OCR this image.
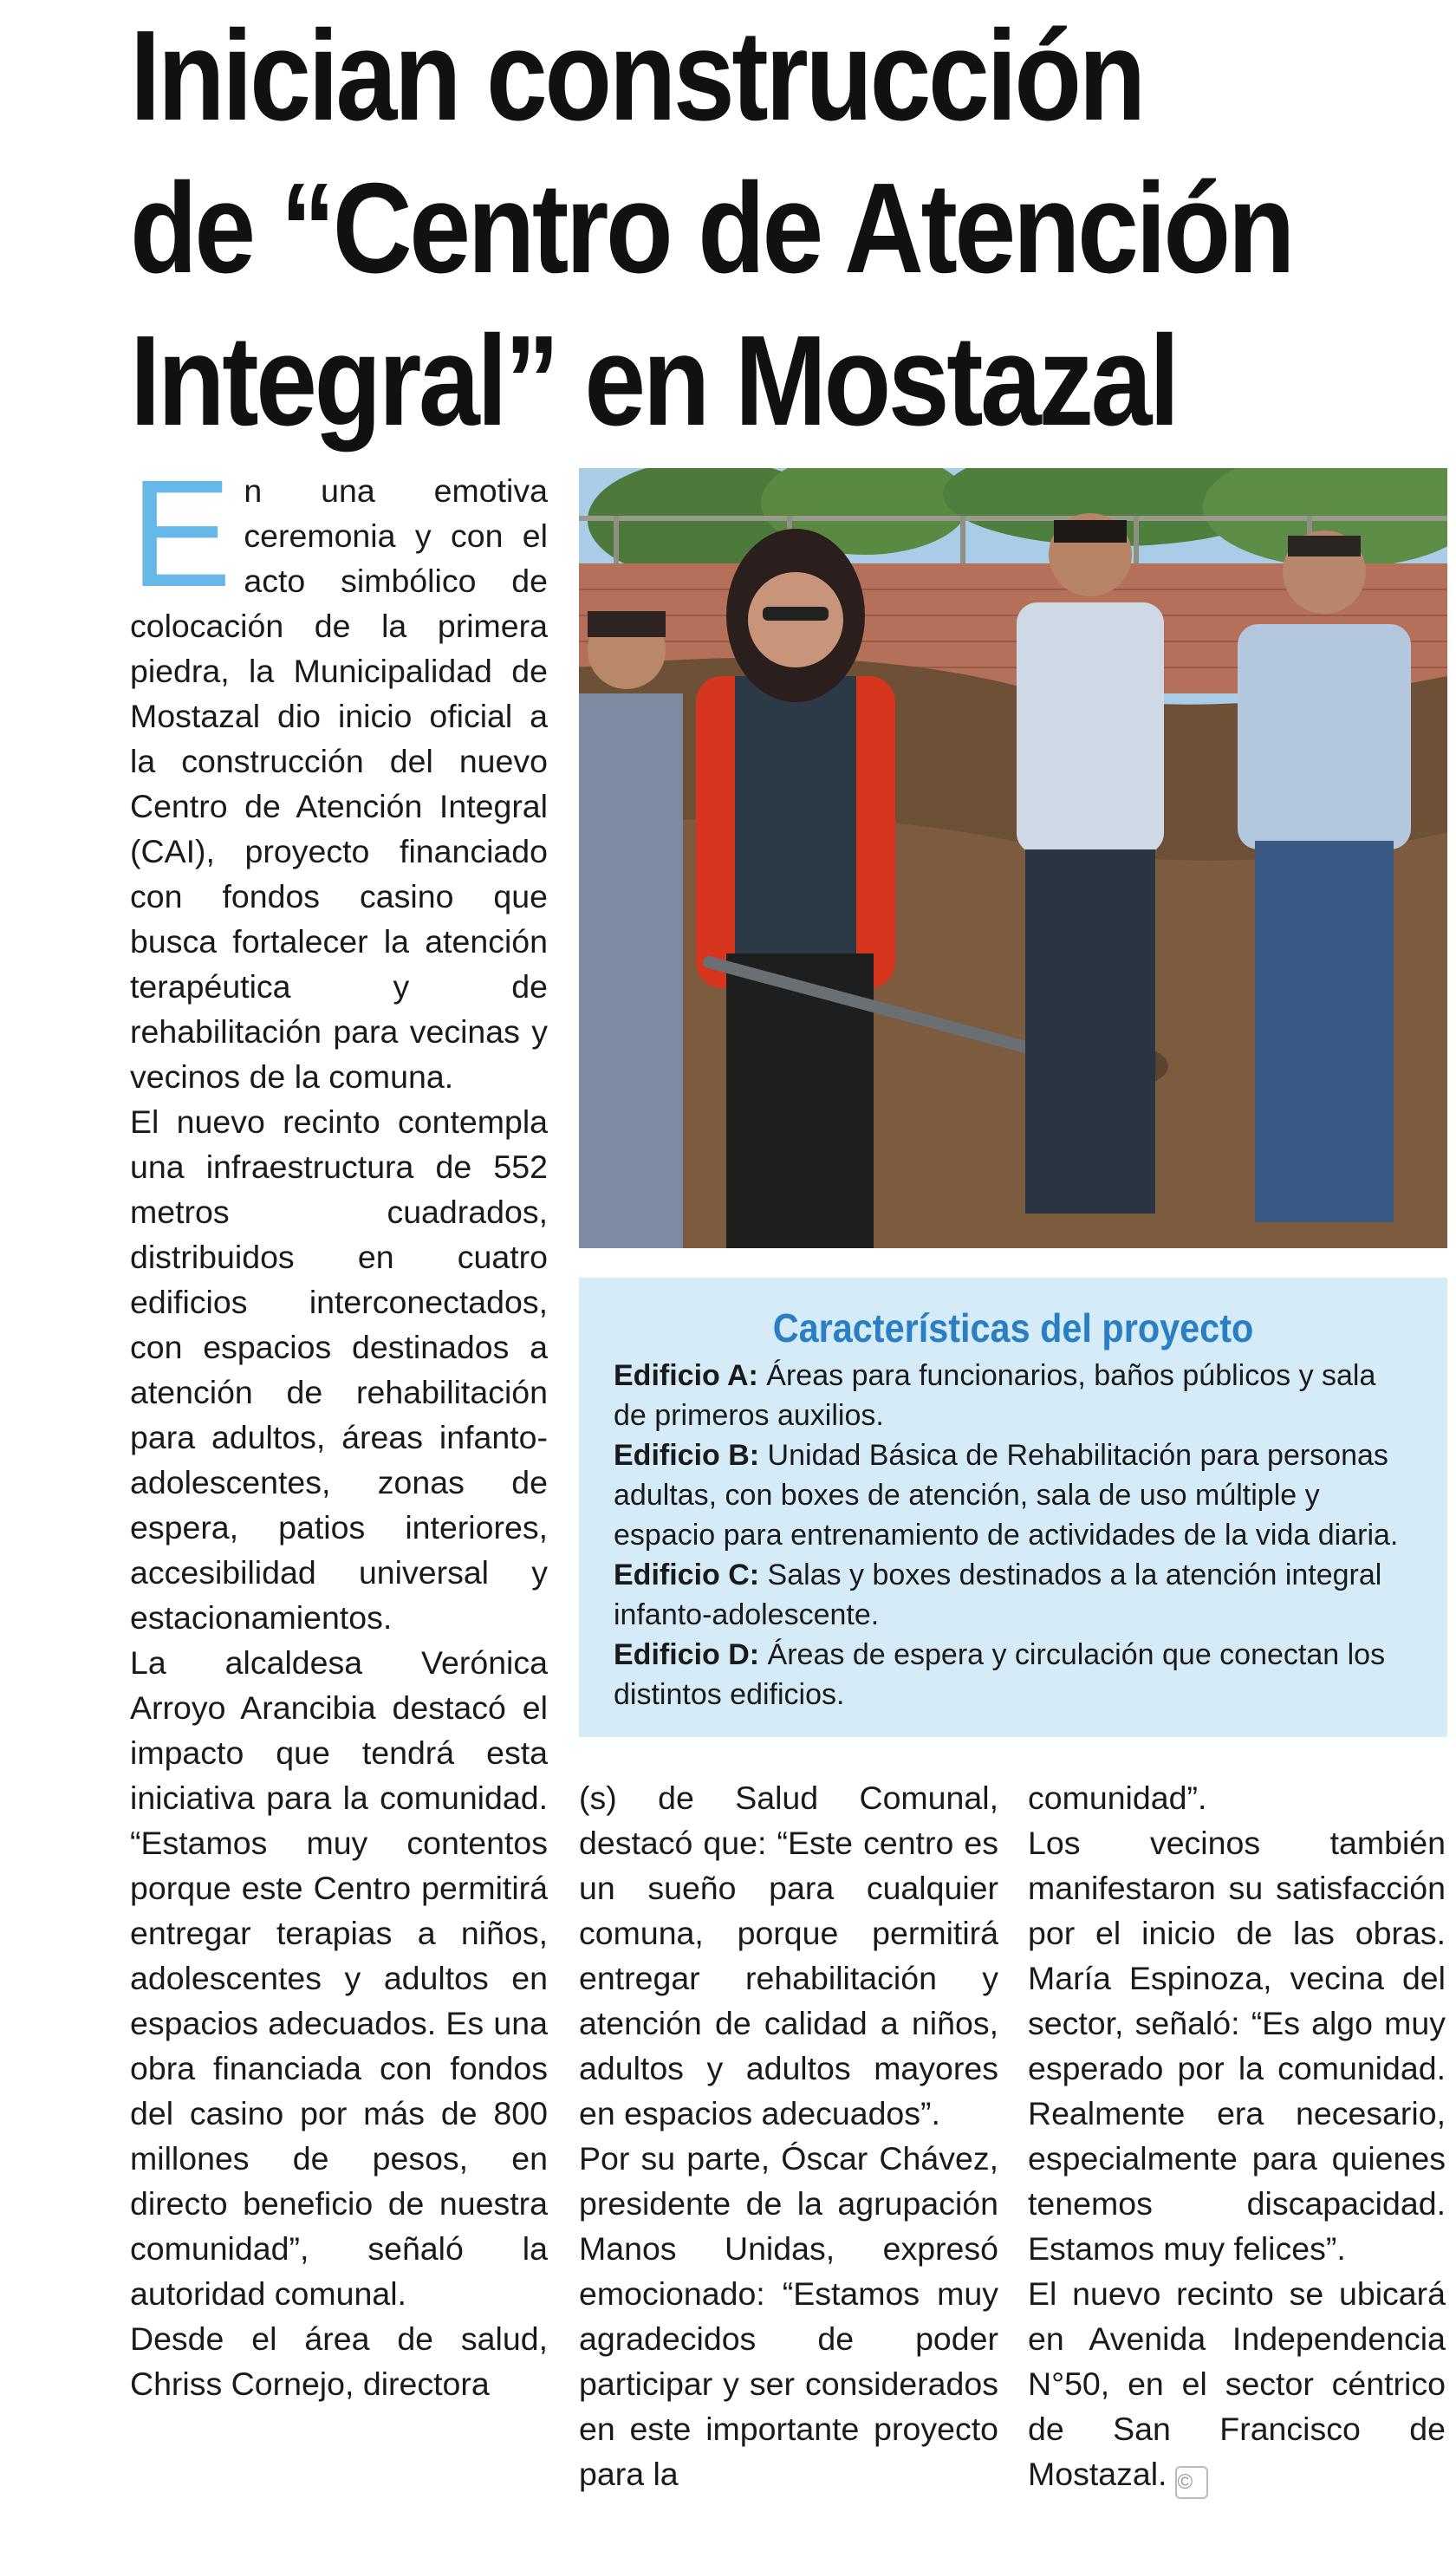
Inician construcción
de “Centro de Atención
Integral” en Mostazal
E n una emotiva ceremonia y con el acto simbólico de colocación de la primera piedra, la Municipalidad de Mostazal dio inicio oficial a la construcción del nuevo Centro de Atención Integral (CAI), proyecto financiado con fondos casino que busca fortalecer la atención terapéutica y de rehabilitación para vecinas y vecinos de la comuna.

El nuevo recinto contempla una infraestructura de 552 metros cuadrados, distribuidos en cuatro edificios interconectados, con espacios destinados a atención de rehabilitación para adultos, áreas infanto-adolescentes, zonas de espera, patios interiores, accesibilidad universal y estacionamientos.

La alcaldesa Verónica Arroyo Arancibia destacó el impacto que tendrá esta iniciativa para la comunidad. “Estamos muy contentos porque este Centro permitirá entregar terapias a niños, adolescentes y adultos en espacios adecuados. Es una obra financiada con fondos del casino por más de 800 millones de pesos, en directo beneficio de nuestra comunidad”, señaló la autoridad comunal.

Desde el área de salud, Chriss Cornejo, directora

Características del proyecto

Edificio A: Áreas para funcionarios, baños públicos y sala de primeros auxilios.

Edificio B: Unidad Básica de Rehabilitación para personas adultas, con boxes de atención, sala de uso múltiple y espacio para entrenamiento de actividades de la vida diaria.

Edificio C: Salas y boxes destinados a la atención integral infanto-adolescente.

Edificio D: Áreas de espera y circulación que conectan los distintos edificios.

(s) de Salud Comunal, destacó que: “Este centro es un sueño para cualquier comuna, porque permitirá entregar rehabilitación y atención de calidad a niños, adultos y adultos mayores en espacios adecuados”.

Por su parte, Óscar Chávez, presidente de la agrupación Manos Unidas, expresó emocionado: “Estamos muy agradecidos de poder participar y ser considerados en este importante proyecto para la

comunidad”.

Los vecinos también manifestaron su satisfacción por el inicio de las obras. María Espinoza, vecina del sector, señaló: “Es algo muy esperado por la comunidad. Realmente era necesario, especialmente para quienes tenemos discapacidad. Estamos muy felices”.

El nuevo recinto se ubicará en Avenida Independencia N°50, en el sector céntrico de San Francisco de Mostazal. ©
